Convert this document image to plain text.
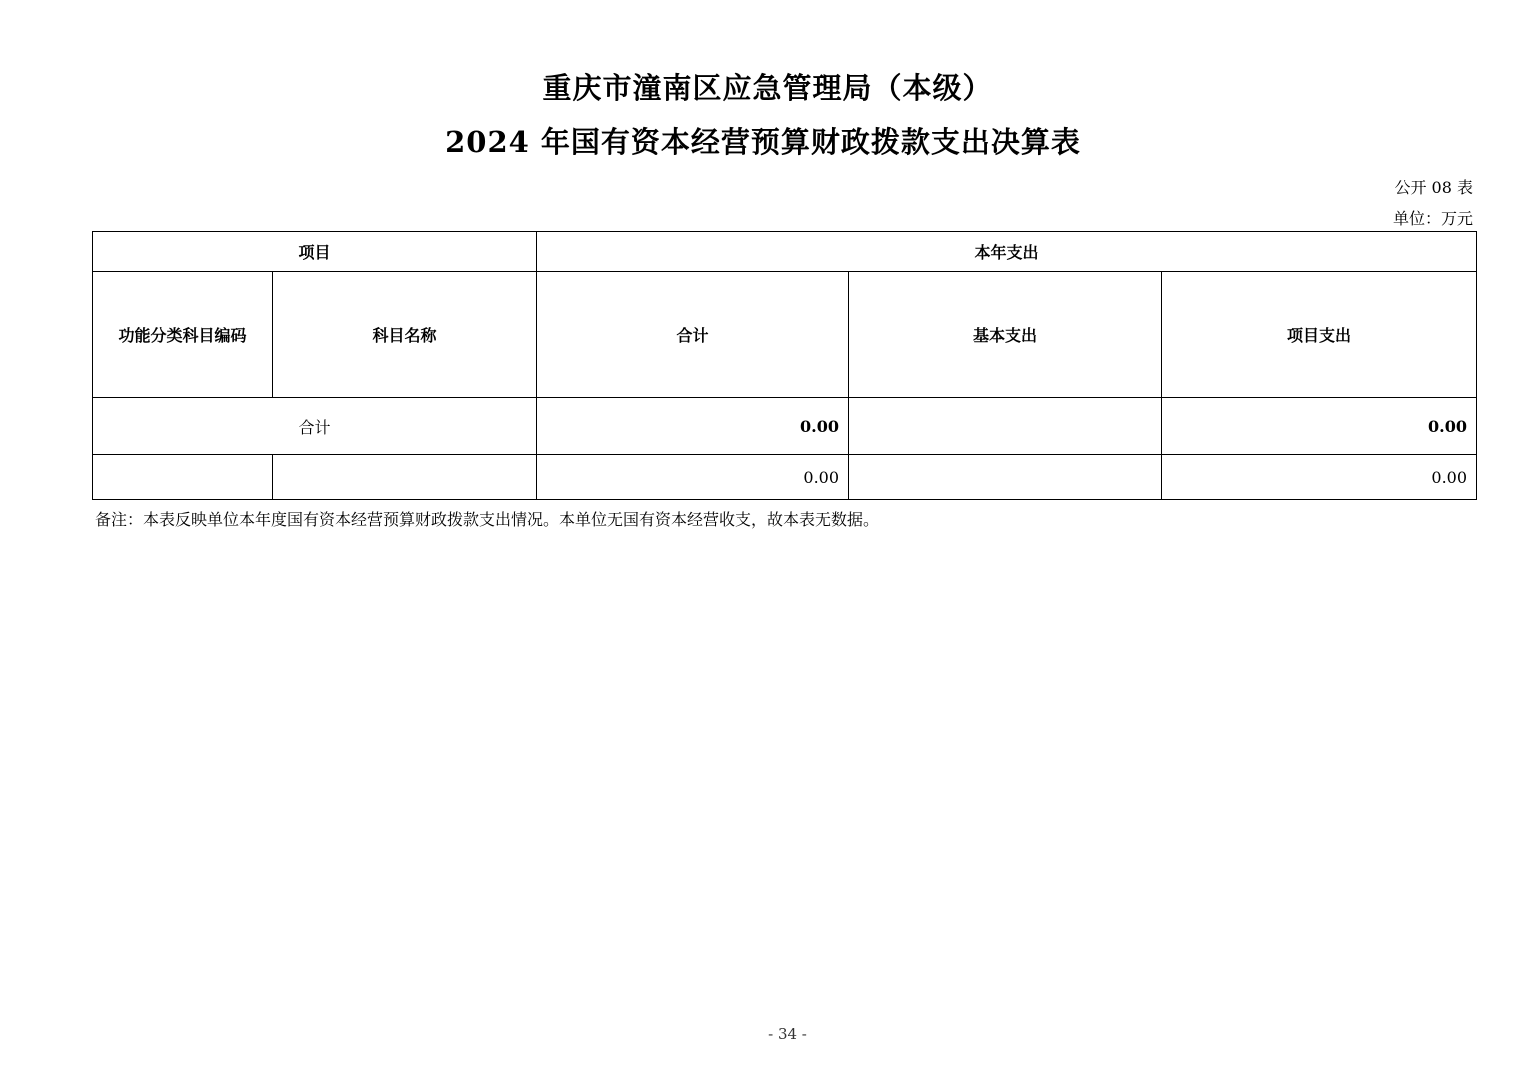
重庆市潼南区应急管理局（本级）
2024 年国有资本经营预算财政拨款支出决算表
公开 08 表
单位：万元
项目		本年支出		
功能分类科目编码	科目名称	合计	基本支出	项目支出
合计		0.00		0.00
		0.00		0.00
备注：本表反映单位本年度国有资本经营预算财政拨款支出情况。本单位无国有资本经营收支，故本表无数据。
- 34 -
